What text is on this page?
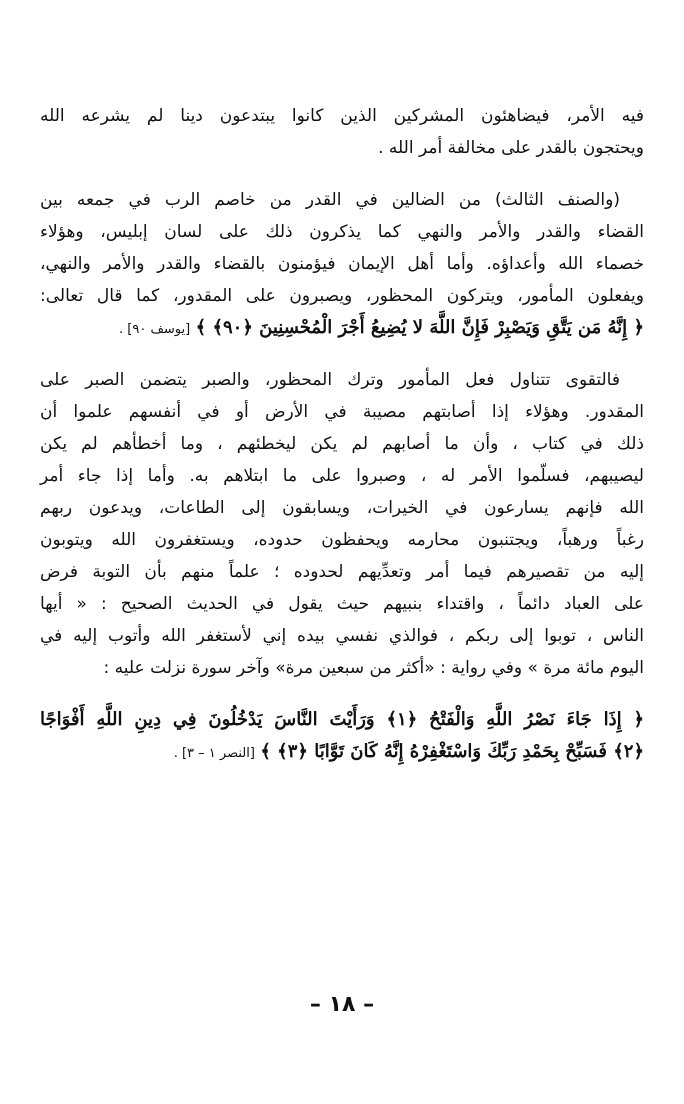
فيه الأمر، فيضاهئون المشركين الذين كانوا يبتدعون دينا لم يشرعه الله
ويحتجون بالقدر على مخالفة أمر الله .
(والصنف الثالث) من الضالين في القدر من خاصم الرب في جمعه بين
القضاء والقدر والأمر والنهي كما يذكرون ذلك على لسان إبليس، وهؤلاء
خصماء الله وأعداؤه. وأما أهل الإيمان فيؤمنون بالقضاء والقدر والأمر والنهي،
ويفعلون المأمور، ويتركون المحظور، ويصبرون على المقدور، كما قال تعالى:
﴿ إِنَّهُ مَن يَتَّقِ وَيَصْبِرْ فَإِنَّ اللَّهَ لا يُضِيعُ أَجْرَ الْمُحْسِنِينَ ﴿٩٠﴾ ﴾ [يوسف ٩٠] .
فالتقوى تتناول فعل المأمور وترك المحظور، والصبر يتضمن الصبر على
المقدور. وهؤلاء إذا أصابتهم مصيبة في الأرض أو في أنفسهم علموا أن
ذلك في كتاب ، وأن ما أصابهم لم يكن ليخطئهم ، وما أخطأهم لم يكن
ليصيبهم، فسلّموا الأمر له ، وصبروا على ما ابتلاهم به. وأما إذا جاء أمر
الله فإنهم يسارعون في الخيرات، ويسابقون إلى الطاعات، ويدعون ربهم
رغباً ورهباً، ويجتنبون محارمه ويحفظون حدوده، ويستغفرون الله ويتوبون
إليه من تقصيرهم فيما أمر وتعدِّيهم لحدوده ؛ علماً منهم بأن التوبة فرض
على العباد دائماً ، واقتداء بنبيهم حيث يقول في الحديث الصحيح : « أيها
الناس ، توبوا إلى ربكم ، فوالذي نفسي بيده إني لأستغفر الله وأتوب إليه في
اليوم مائة مرة » وفي رواية : «أكثر من سبعين مرة» وآخر سورة نزلت عليه :
﴿ إِذَا جَاءَ نَصْرُ اللَّهِ وَالْفَتْحُ ﴿١﴾ وَرَأَيْتَ النَّاسَ يَدْخُلُونَ فِي دِينِ اللَّهِ أَفْوَاجًا
﴿٢﴾ فَسَبِّحْ بِحَمْدِ رَبِّكَ وَاسْتَغْفِرْهُ إِنَّهُ كَانَ تَوَّابًا ﴿٣﴾ ﴾ [النصر ١ – ٣] .
– ١٨ –
